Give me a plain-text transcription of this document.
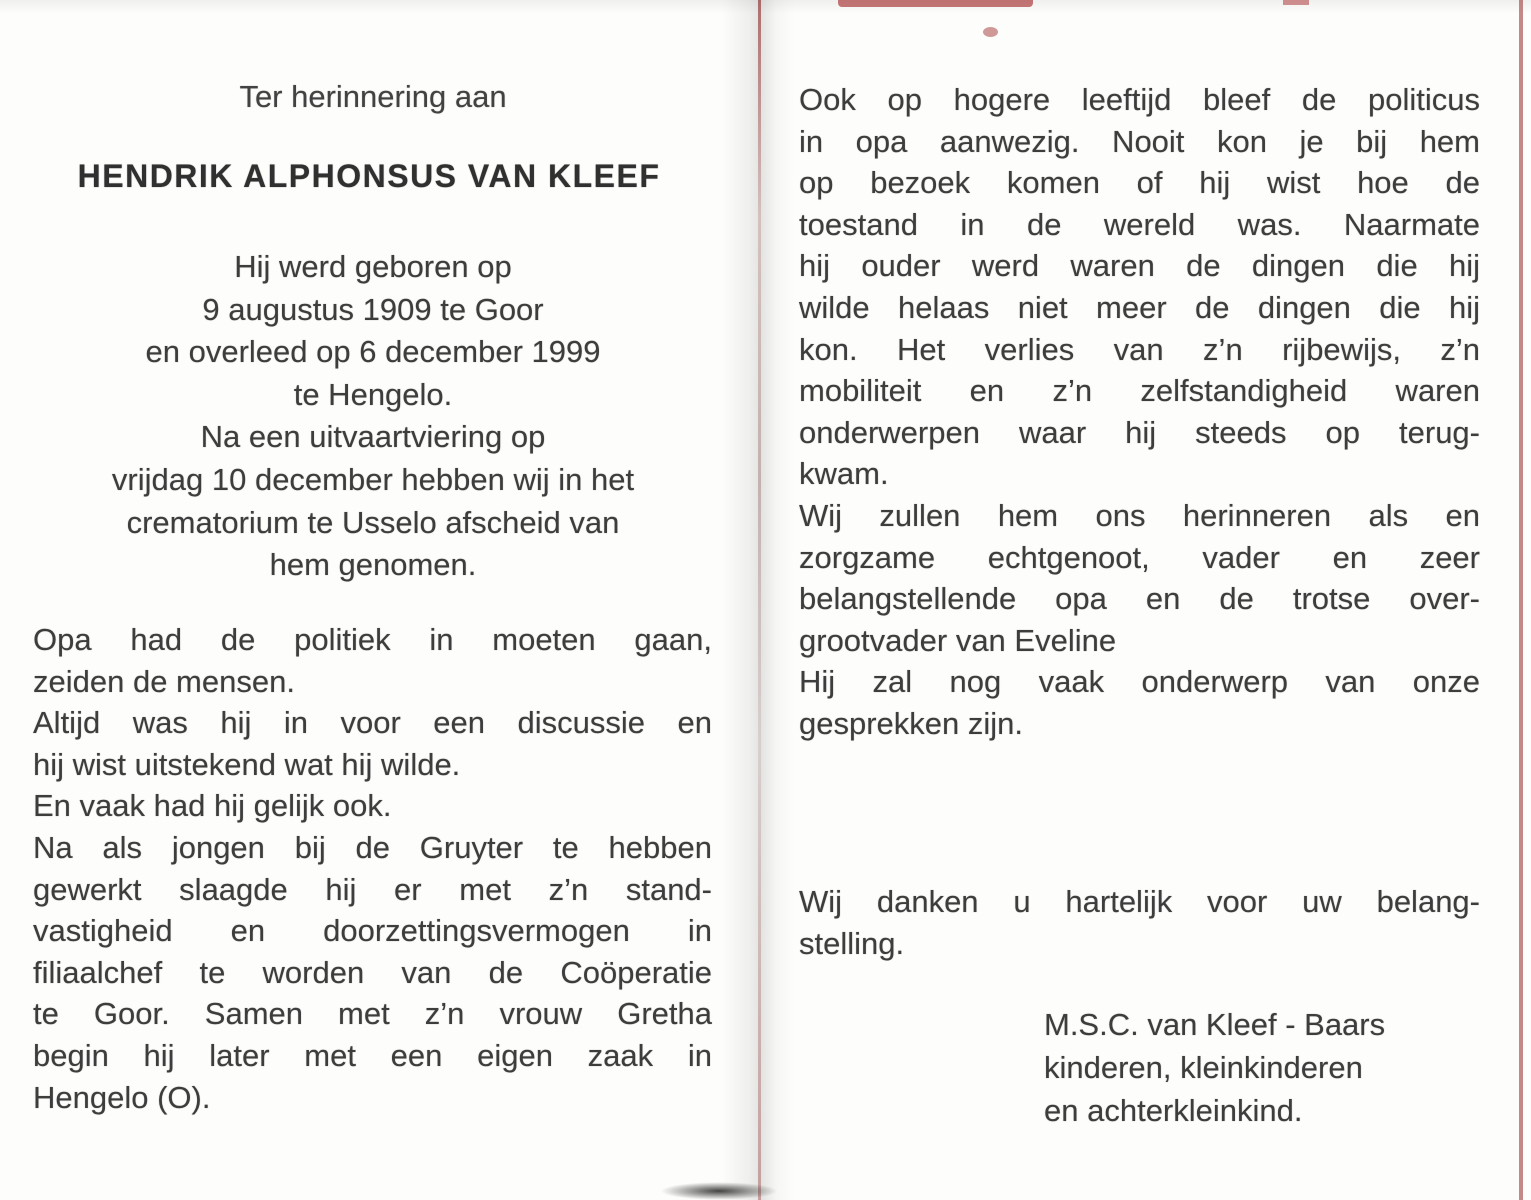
Ter herinnering aan
HENDRIK ALPHONSUS VAN KLEEF
Hij werd geboren op
9 augustus 1909 te Goor
en overleed op 6 december 1999
te Hengelo.
Na een uitvaartviering op
vrijdag 10 december hebben wij in het
crematorium te Usselo afscheid van
hem genomen.
Opa had de politiek in moeten gaan,
zeiden de mensen.
Altijd was hij in voor een discussie en
hij wist uitstekend wat hij wilde.
En vaak had hij gelijk ook.
Na als jongen bij de Gruyter te hebben
gewerkt slaagde hij er met z’n stand-
vastigheid en doorzettingsvermogen in
filiaalchef te worden van de Coöperatie
te Goor. Samen met z’n vrouw Gretha
begin hij later met een eigen zaak in
Hengelo (O).
Ook op hogere leeftijd bleef de politicus
in opa aanwezig. Nooit kon je bij hem
op bezoek komen of hij wist hoe de
toestand in de wereld was. Naarmate
hij ouder werd waren de dingen die hij
wilde helaas niet meer de dingen die hij
kon. Het verlies van z’n rijbewijs, z’n
mobiliteit en z’n zelfstandigheid waren
onderwerpen waar hij steeds op terug-
kwam.
Wij zullen hem ons herinneren als en
zorgzame echtgenoot, vader en zeer
belangstellende opa en de trotse over-
grootvader van Eveline
Hij zal nog vaak onderwerp van onze
gesprekken zijn.
Wij danken u hartelijk voor uw belang-
stelling.
M.S.C. van Kleef - Baars
kinderen, kleinkinderen
en achterkleinkind.
